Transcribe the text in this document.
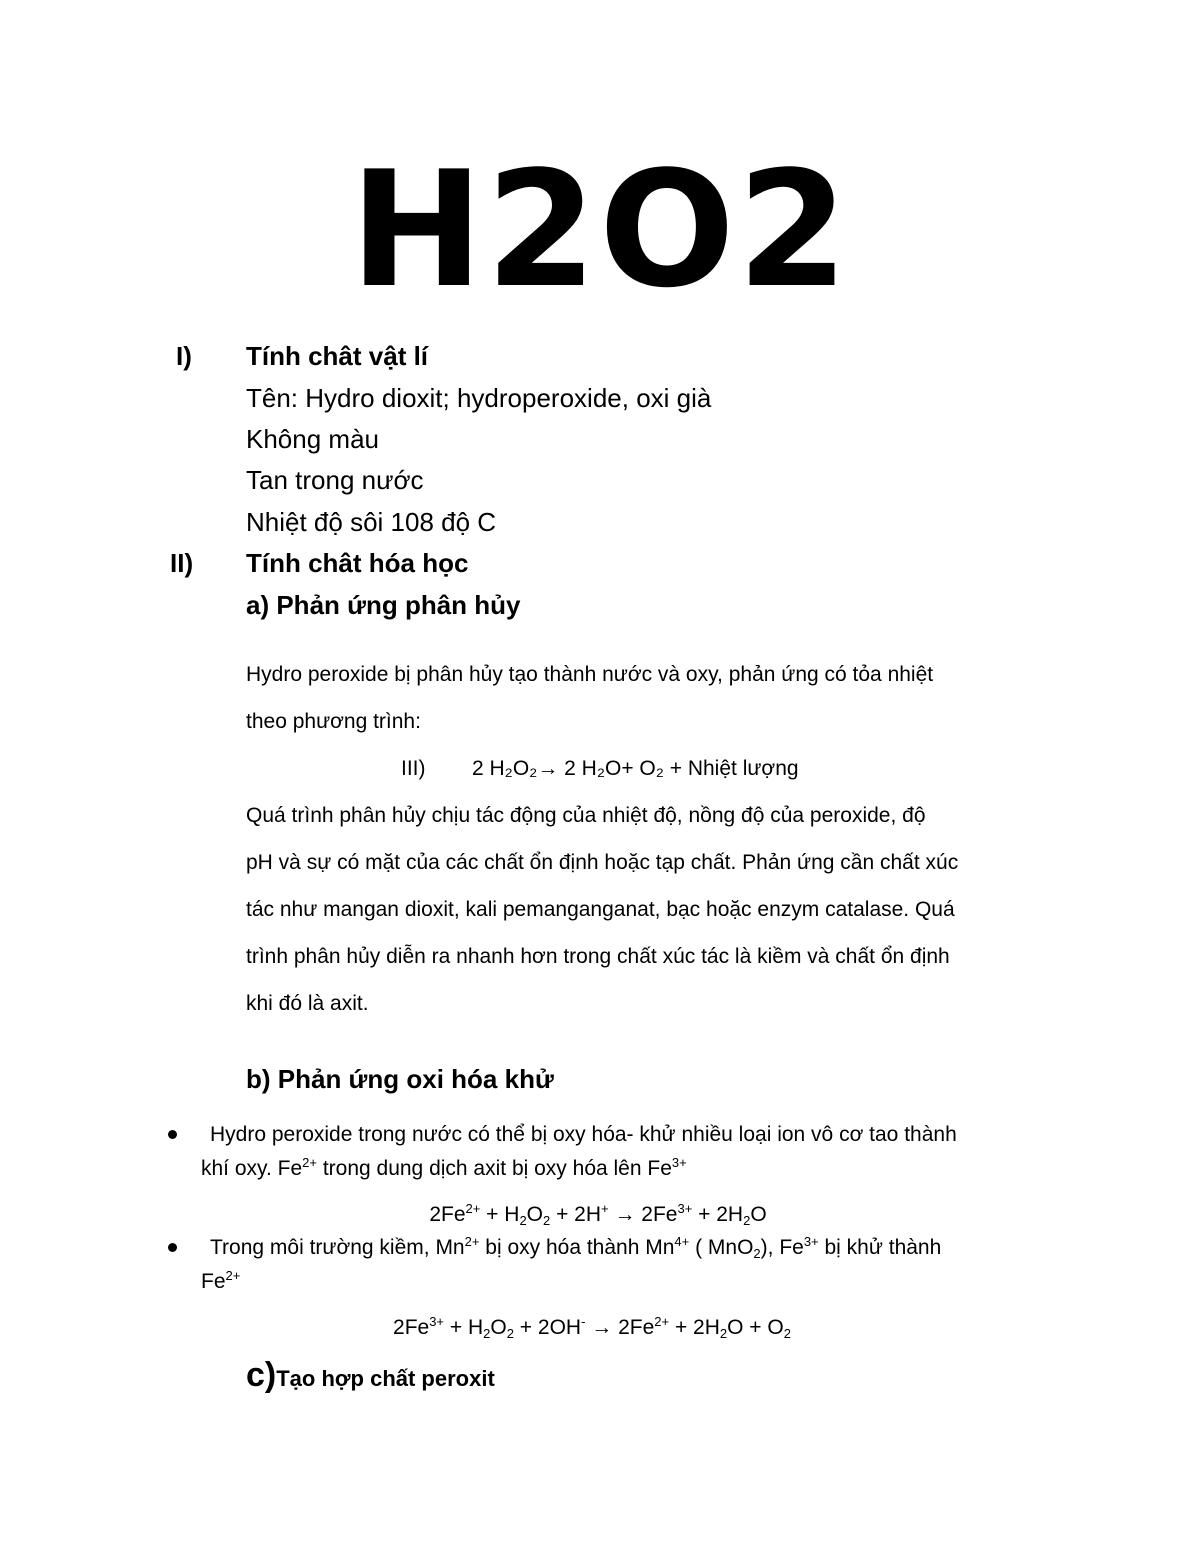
H2O2
I) Tính chât vật lí
Tên: Hydro dioxit; hydroperoxide, oxi già
Không màu
Tan trong nước
Nhiệt độ sôi 108 độ C
II) Tính chât hóa học
a) Phản ứng phân hủy
Hydro peroxide bị phân hủy tạo thành nước và oxy, phản ứng có tỏa nhiệt
theo phương trình:
III) 2 H₂O₂→ 2 H₂O+ O₂ + Nhiệt lượng
Quá trình phân hủy chịu tác động của nhiệt độ, nồng độ của peroxide, độ
pH và sự có mặt của các chất ổn định hoặc tạp chất. Phản ứng cần chất xúc
tác như mangan dioxit, kali pemanganganat, bạc hoặc enzym catalase. Quá
trình phân hủy diễn ra nhanh hơn trong chất xúc tác là kiềm và chất ổn định
khi đó là axit.
b) Phản ứng oxi hóa khử
Hydro peroxide trong nước có thể bị oxy hóa- khử nhiều loại ion vô cơ tao thành
khí oxy. $Fe^{2+}$ trong dung dịch axit bị oxy hóa lên $Fe^{3+}$
$2Fe^{2+} + H_2O_2 + 2H^+ \to 2Fe^{3+} + 2H_2O$
Trong môi trường kiềm, $Mn^{2+}$ bị oxy hóa thành $Mn^{4+}$ ( MnO$_2$), $Fe^{3+}$ bị khử thành
$Fe^{2+}$
$2Fe^{3+} + H_2O_2 + 2OH^- \to 2Fe^{2+} + 2H_2O + O_2$
c)Tạo hợp chất peroxit
